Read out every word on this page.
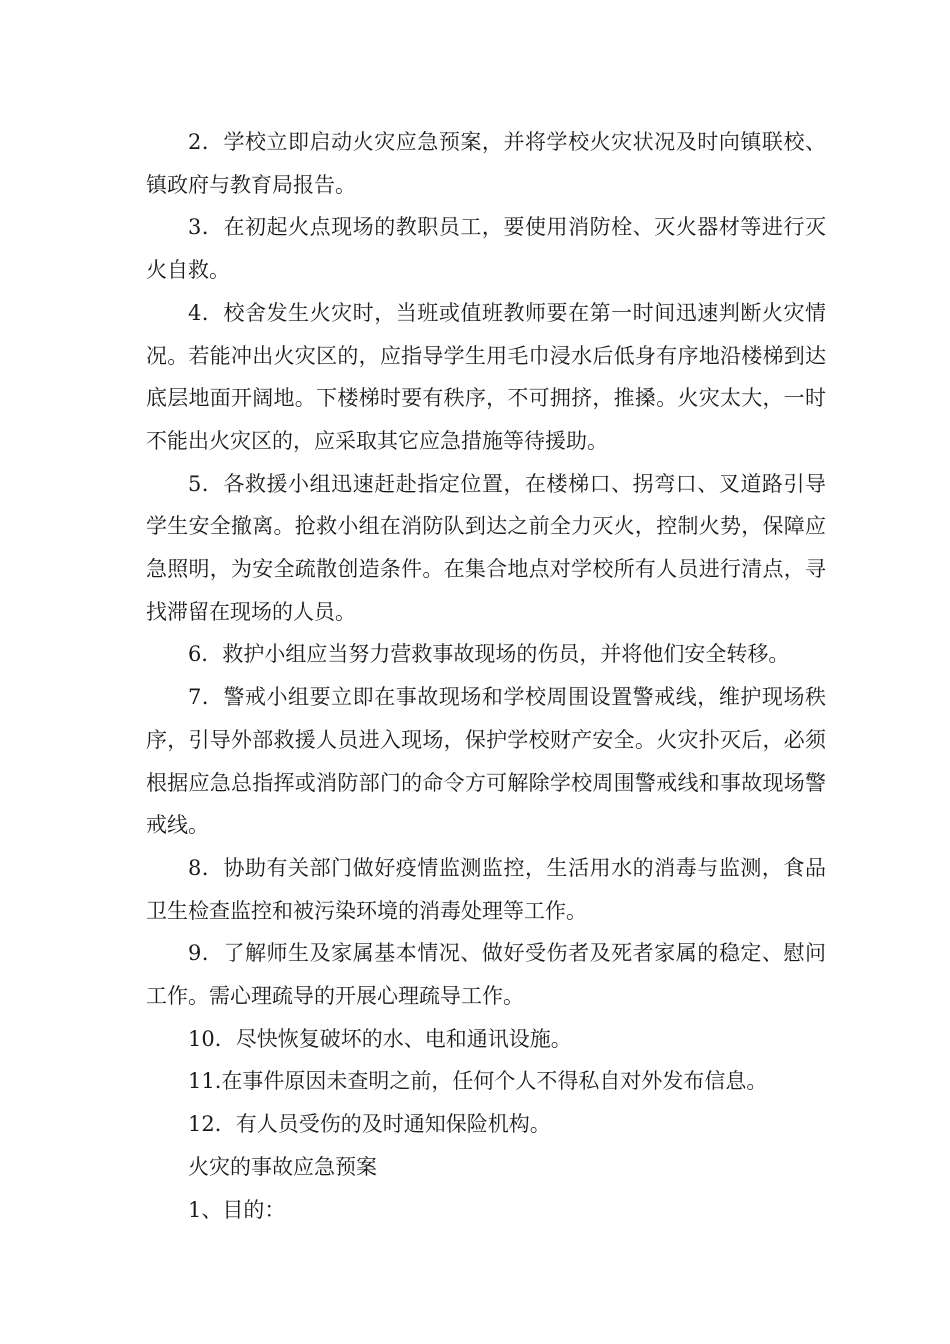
2．学校立即启动火灾应急预案，并将学校火灾状况及时向镇联校、镇政府与教育局报告。

3．在初起火点现场的教职员工，要使用消防栓、灭火器材等进行灭火自救。

4．校舍发生火灾时，当班或值班教师要在第一时间迅速判断火灾情况。若能冲出火灾区的，应指导学生用毛巾浸水后低身有序地沿楼梯到达底层地面开阔地。下楼梯时要有秩序，不可拥挤，推搡。火灾太大，一时不能出火灾区的，应采取其它应急措施等待援助。

5．各救援小组迅速赶赴指定位置，在楼梯口、拐弯口、叉道路引导学生安全撤离。抢救小组在消防队到达之前全力灭火，控制火势，保障应急照明，为安全疏散创造条件。在集合地点对学校所有人员进行清点，寻找滞留在现场的人员。

6．救护小组应当努力营救事故现场的伤员，并将他们安全转移。

7．警戒小组要立即在事故现场和学校周围设置警戒线，维护现场秩序，引导外部救援人员进入现场，保护学校财产安全。火灾扑灭后，必须根据应急总指挥或消防部门的命令方可解除学校周围警戒线和事故现场警戒线。

8．协助有关部门做好疫情监测监控，生活用水的消毒与监测，食品卫生检查监控和被污染环境的消毒处理等工作。

9．了解师生及家属基本情况、做好受伤者及死者家属的稳定、慰问工作。需心理疏导的开展心理疏导工作。

10．尽快恢复破坏的水、电和通讯设施。

11.在事件原因未查明之前，任何个人不得私自对外发布信息。

12．有人员受伤的及时通知保险机构。

火灾的事故应急预案

1、目的：
